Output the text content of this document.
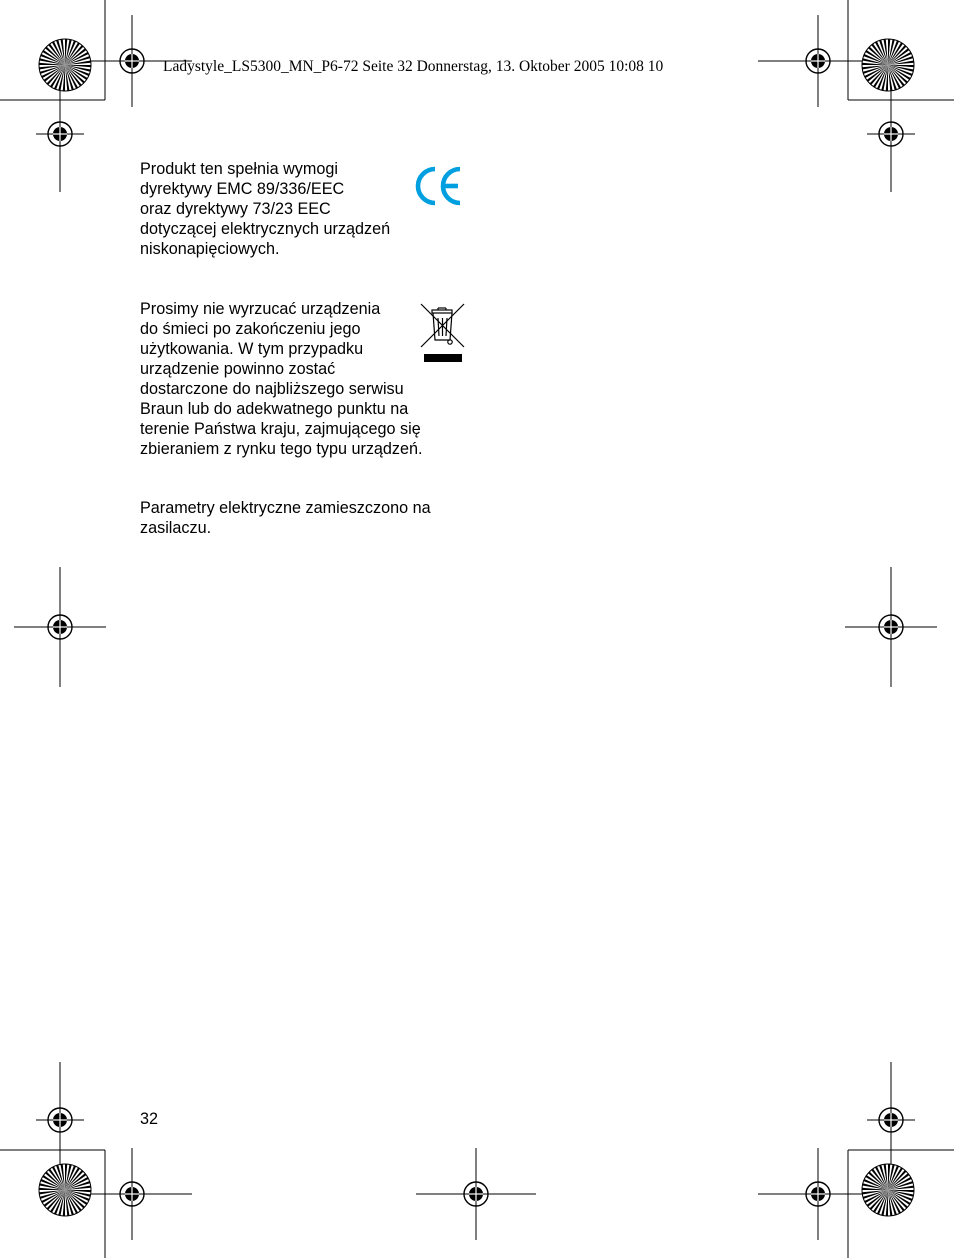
Ladystyle_LS5300_MN_P6-72 Seite 32 Donnerstag, 13. Oktober 2005 10:08 10
Produkt ten spełnia wymogi
dyrektywy EMC 89/336/EEC
oraz dyrektywy 73/23 EEC
dotyczącej elektrycznych urządzeń
niskonapięciowych.
Prosimy nie wyrzucać urządzenia
do śmieci po zakończeniu jego
użytkowania. W tym przypadku
urządzenie powinno zostać
dostarczone do najbliższego serwisu
Braun lub do adekwatnego punktu na
terenie Państwa kraju, zajmującego się
zbieraniem z rynku tego typu urządzeń.
Parametry elektryczne zamieszczono na
zasilaczu.
32
